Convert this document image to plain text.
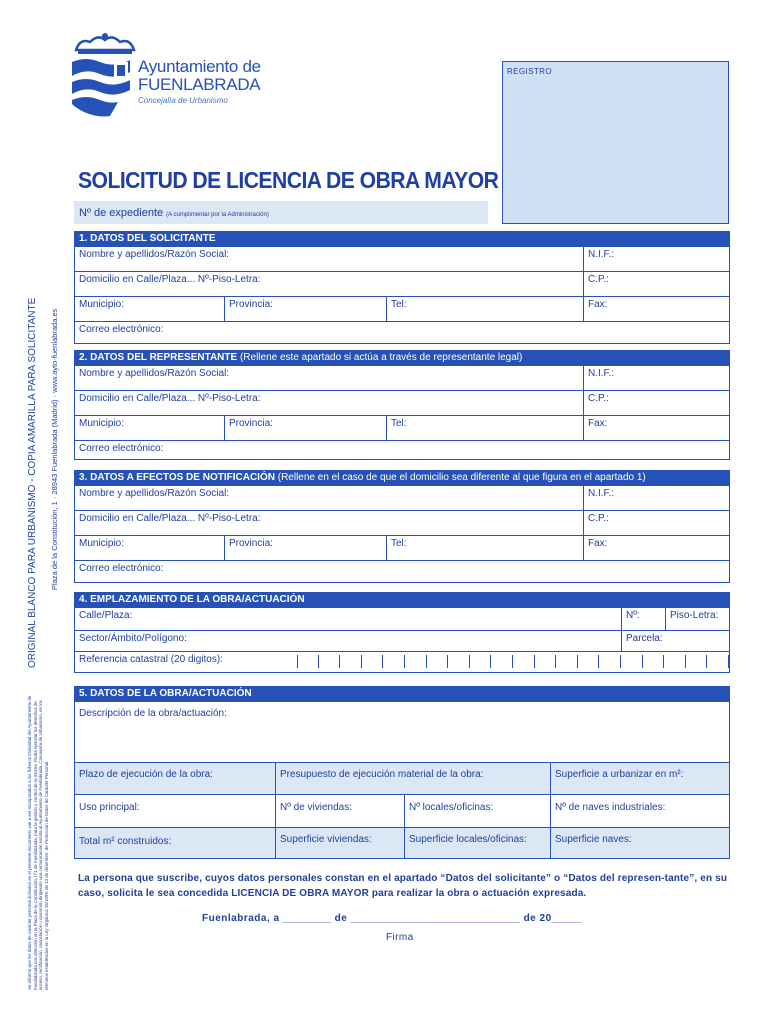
Ayuntamiento de
FUENLABRADA
Concejalía de Urbanismo
REGISTRO
SOLICITUD DE LICENCIA DE OBRA MAYOR
Nº de expediente (A cumplimentar por la Administración)
ORIGINAL BLANCO PARA URBANISMO - COPIA AMARILLA PARA SOLICITANTE Plaza de la Constitución, 1 · 28943 Fuenlabrada (Madrid) · www.ayto-fuenlabrada.es
Se informa que los datos de carácter personal incluidos en el presente documento van a ser incorporados a los ficheros titularidad del Ayuntamiento de Fuenlabrada con dirección en la Plaza de la Constitución, nº1 de Fuenlabrada, para la gestión y control de la misma. Podrá ejercitar los derechos de acceso, rectificación, cancelación u oposición dirigiendo una comunicación escrita al Ayuntamiento de Fuenlabrada, Concejalía de Urbanismo, en los términos establecidos en la Ley Orgánica 15/1999, de 13 de diciembre, de Protección de Datos de Carácter Personal.
1. DATOS DEL SOLICITANTE
Nombre y apellidos/Razón Social:	N.I.F.:
Domicilio en Calle/Plaza... Nº-Piso-Letra:	C.P.:
Municipio:	Provincia:	Tel:	Fax:
Correo electrónico:
2. DATOS DEL REPRESENTANTE (Rellene este apartado si actúa a través de representante legal)
Nombre y apellidos/Razón Social:	N.I.F.:
Domicilio en Calle/Plaza... Nº-Piso-Letra:	C.P.:
Municipio:	Provincia:	Tel:	Fax:
Correo electrónico:
3. DATOS A EFECTOS DE NOTIFICACIÓN (Rellene en el caso de que el domicilio sea diferente al que figura en el apartado 1)
Nombre y apellidos/Razón Social:	N.I.F.:
Domicilio en Calle/Plaza... Nº-Piso-Letra:	C.P.:
Municipio:	Provincia:	Tel:	Fax:
Correo electrónico:
4. EMPLAZAMIENTO DE LA OBRA/ACTUACIÓN
Calle/Plaza:	Nº:	Piso-Letra:
Sector/Ámbito/Polígono:	Parcela:
Referencia catastral (20 digitos):
5. DATOS DE LA OBRA/ACTUACIÓN
Descripción de la obra/actuación:
Plazo de ejecución de la obra:	Presupuesto de ejecución material de la obra:	Superficie a urbanizar en m²:
Uso principal:	Nº de viviendas:	Nº locales/oficinas:	Nº de naves industriales:
Total m² construidos:	Superficie viviendas:	Superficie locales/oficinas:	Superficie naves:
La persona que suscribe, cuyos datos personales constan en el apartado “Datos del solicitante” o “Datos del represen-tante”, en su caso, solicita le sea concedida LICENCIA DE OBRA MAYOR para realizar la obra o actuación expresada.
Fuenlabrada, a ________ de ____________________________ de 20_____
Firma
